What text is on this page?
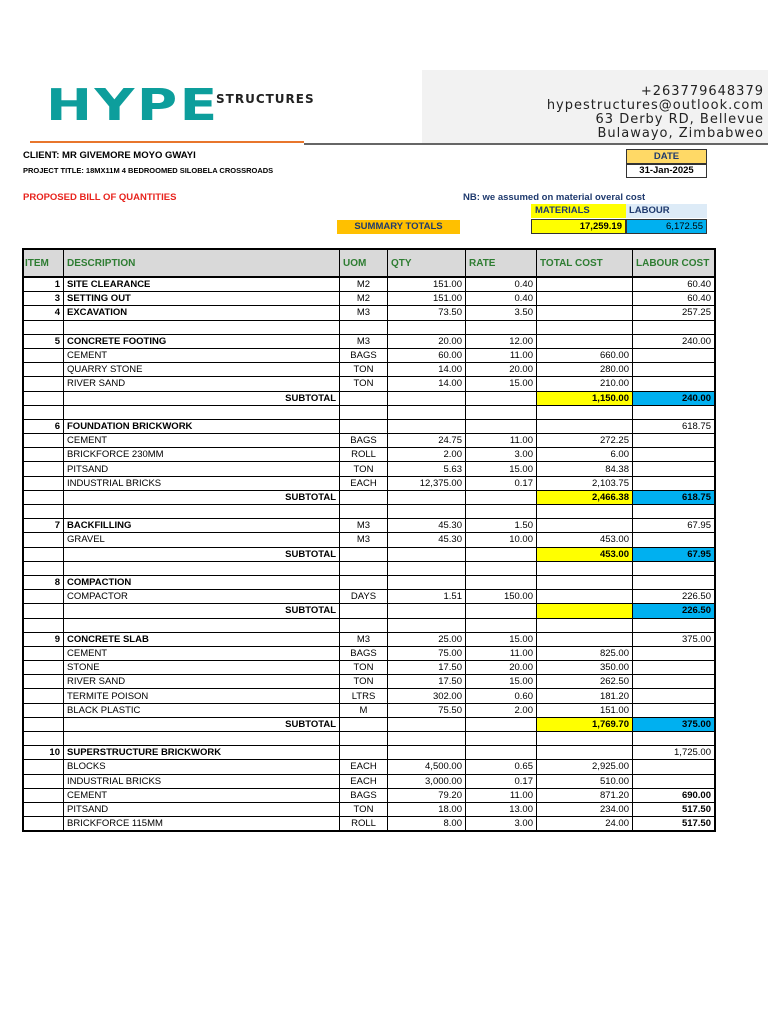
HYPE
STRUCTURES	+263779648379
hypestructures@outlook.com
63 Derby RD, Bellevue
Bulawayo, Zimbabweo
CLIENT: MR GIVEMORE MOYO GWAYI
PROJECT TITLE: 18MX11M 4 BEDROOMED SILOBELA CROSSROADS
PROPOSED BILL OF QUANTITIES	NB: we assumed on material overal cost
DATE
31-Jan-2025
MATERIALS	LABOUR
SUMMARY TOTALS	17,259.19	6,172.55
ITEM	DESCRIPTION	UOM	QTY	RATE	TOTAL COST	LABOUR COST
1	SITE CLEARANCE	M2	151.00	0.40		60.40
3	SETTING OUT	M2	151.00	0.40		60.40
4	EXCAVATION	M3	73.50	3.50		257.25

5	CONCRETE FOOTING	M3	20.00	12.00		240.00
	CEMENT	BAGS	60.00	11.00	660.00	
	QUARRY STONE	TON	14.00	20.00	280.00	
	RIVER SAND	TON	14.00	15.00	210.00	
	SUBTOTAL				1,150.00	240.00

6	FOUNDATION BRICKWORK					618.75
	CEMENT	BAGS	24.75	11.00	272.25	
	BRICKFORCE 230MM	ROLL	2.00	3.00	6.00	
	PITSAND	TON	5.63	15.00	84.38	
	INDUSTRIAL BRICKS	EACH	12,375.00	0.17	2,103.75	
	SUBTOTAL				2,466.38	618.75

7	BACKFILLING	M3	45.30	1.50		67.95
	GRAVEL	M3	45.30	10.00	453.00	
	SUBTOTAL				453.00	67.95

8	COMPACTION					
	COMPACTOR	DAYS	1.51	150.00		226.50
	SUBTOTAL					226.50

9	CONCRETE SLAB	M3	25.00	15.00		375.00
	CEMENT	BAGS	75.00	11.00	825.00	
	STONE	TON	17.50	20.00	350.00	
	RIVER SAND	TON	17.50	15.00	262.50	
	TERMITE POISON	LTRS	302.00	0.60	181.20	
	BLACK PLASTIC	M	75.50	2.00	151.00	
	SUBTOTAL				1,769.70	375.00

10	SUPERSTRUCTURE BRICKWORK					1,725.00
	BLOCKS	EACH	4,500.00	0.65	2,925.00	
	INDUSTRIAL BRICKS	EACH	3,000.00	0.17	510.00	
	CEMENT	BAGS	79.20	11.00	871.20	690.00
	PITSAND	TON	18.00	13.00	234.00	517.50
	BRICKFORCE 115MM	ROLL	8.00	3.00	24.00	517.50
